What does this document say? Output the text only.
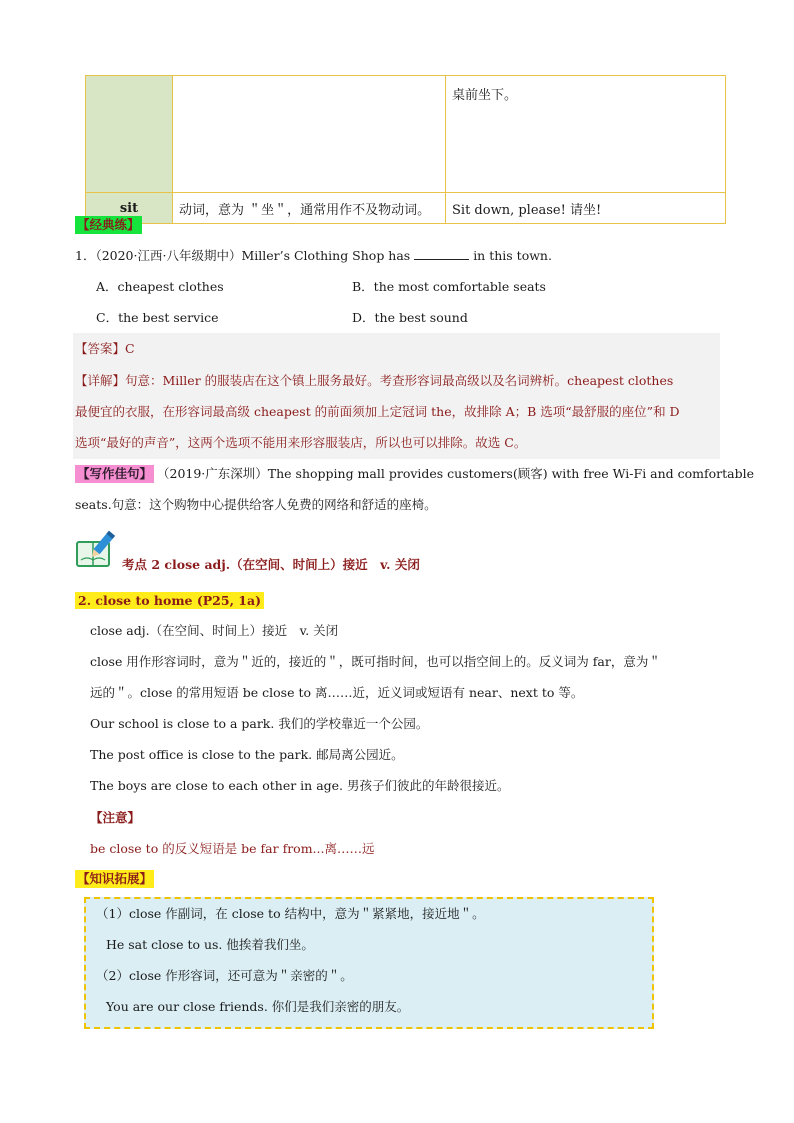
		桌前坐下。
sit	动词，意为 ＂坐＂，通常用作不及物动词。	Sit down, please! 请坐!
【经典练】
1．（2020·江西·八年级期中）Miller’s Clothing Shop has	in this town.
A．cheapest clothes	B．the most comfortable seats
C．the best service	D．the best sound
【答案】C
【详解】句意：Miller 的服装店在这个镇上服务最好。考查形容词最高级以及名词辨析。cheapest clothes
最便宜的衣服，在形容词最高级 cheapest 的前面须加上定冠词 the，故排除 A；B 选项“最舒服的座位”和 D
选项“最好的声音”，这两个选项不能用来形容服装店，所以也可以排除。故选 C。
【写作佳句】 （2019·广东深圳）The shopping mall provides customers(顾客) with free Wi-Fi and comfortable
seats.句意：这个购物中心提供给客人免费的网络和舒适的座椅。
考点 2 close adj.（在空间、时间上）接近　v. 关闭
2. close to home (P25, 1a)
close adj.（在空间、时间上）接近　v. 关闭
close 用作形容词时，意为＂近的，接近的＂，既可指时间，也可以指空间上的。反义词为 far，意为＂
远的＂。close 的常用短语 be close to 离……近，近义词或短语有 near、next to 等。
Our school is close to a park. 我们的学校靠近一个公园。
The post office is close to the park. 邮局离公园近。
The boys are close to each other in age. 男孩子们彼此的年龄很接近。
【注意】
be close to 的反义短语是 be far from...离……远
【知识拓展】
（1）close 作副词，在 close to 结构中，意为＂紧紧地，接近地＂。
He sat close to us. 他挨着我们坐。
（2）close 作形容词，还可意为＂亲密的＂。
You are our close friends. 你们是我们亲密的朋友。
